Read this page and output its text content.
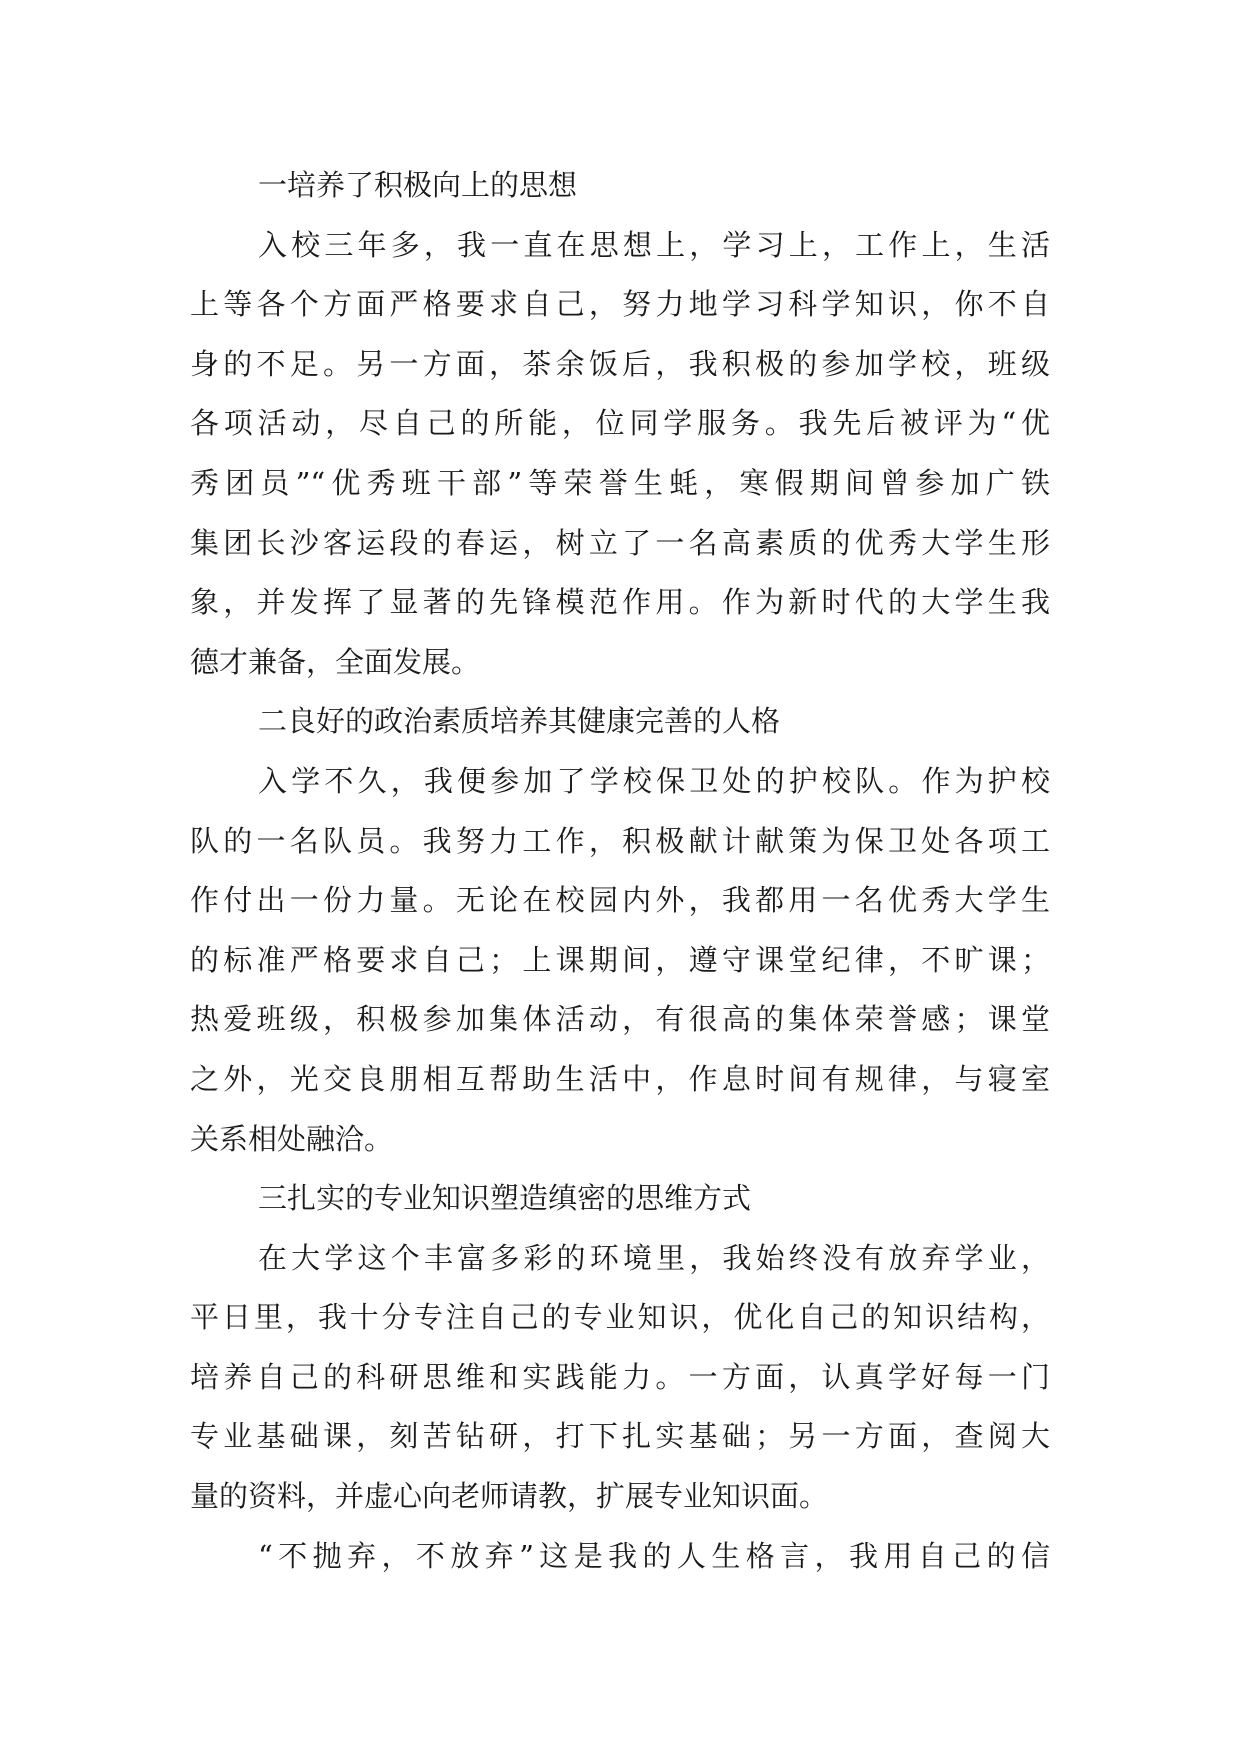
一培养了积极向上的思想
入校三年多，我一直在思想上，学习上，工作上，生活
上等各个方面严格要求自己，努力地学习科学知识，你不自
身的不足。另一方面，茶余饭后，我积极的参加学校，班级
各项活动，尽自己的所能，位同学服务。我先后被评为“优
秀团员”“优秀班干部”等荣誉生蚝，寒假期间曾参加广铁
集团长沙客运段的春运，树立了一名高素质的优秀大学生形
象，并发挥了显著的先锋模范作用。作为新时代的大学生我
德才兼备，全面发展。
二良好的政治素质培养其健康完善的人格
入学不久，我便参加了学校保卫处的护校队。作为护校
队的一名队员。我努力工作，积极献计献策为保卫处各项工
作付出一份力量。无论在校园内外，我都用一名优秀大学生
的标准严格要求自己；上课期间，遵守课堂纪律，不旷课；
热爱班级，积极参加集体活动，有很高的集体荣誉感；课堂
之外，光交良朋相互帮助生活中，作息时间有规律，与寝室
关系相处融洽。
三扎实的专业知识塑造缜密的思维方式
在大学这个丰富多彩的环境里，我始终没有放弃学业，
平日里，我十分专注自己的专业知识，优化自己的知识结构，
培养自己的科研思维和实践能力。一方面，认真学好每一门
专业基础课，刻苦钻研，打下扎实基础；另一方面，查阅大
量的资料，并虚心向老师请教，扩展专业知识面。
“不抛弃，不放弃”这是我的人生格言，我用自己的信
